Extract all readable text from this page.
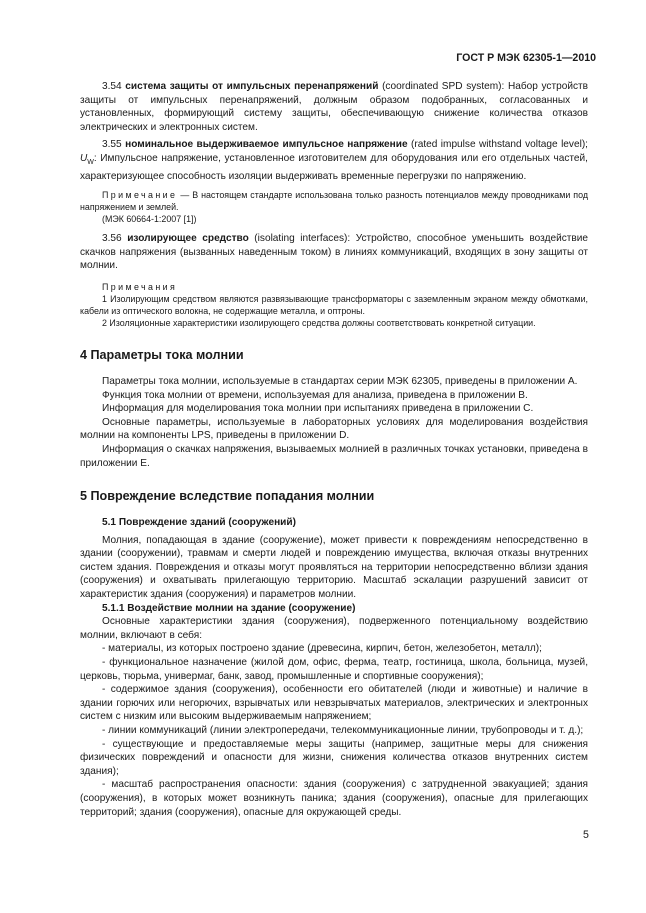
ГОСТ Р МЭК 62305-1—2010

3.54 система защиты от импульсных перенапряжений (coordinated SPD system): Набор устройств защиты от импульсных перенапряжений, должным образом подобранных, согласованных и установленных, формирующий систему защиты, обеспечивающую снижение количества отказов электрических и электронных систем.

3.55 номинальное выдерживаемое импульсное напряжение (rated impulse withstand voltage level); $U_W$: Импульсное напряжение, установленное изготовителем для оборудования или его отдельных частей, характеризующее способность изоляции выдерживать временные перегрузки по напряжению.

Примечание — В настоящем стандарте использована только разность потенциалов между проводниками под напряжением и землей.

(МЭК 60664-1:2007 [1])

3.56 изолирующее средство (isolating interfaces): Устройство, способное уменьшить воздействие скачков напряжения (вызванных наведенным током) в линиях коммуникаций, входящих в зону защиты от молнии.

Примечания

1 Изолирующим средством являются развязывающие трансформаторы с заземленным экраном между обмотками, кабели из оптического волокна, не содержащие металла, и оптроны.

2 Изоляционные характеристики изолирующего средства должны соответствовать конкретной ситуации.

4 Параметры тока молнии

Параметры тока молнии, используемые в стандартах серии МЭК 62305, приведены в приложении А.

Функция тока молнии от времени, используемая для анализа, приведена в приложении В.

Информация для моделирования тока молнии при испытаниях приведена в приложении С.

Основные параметры, используемые в лабораторных условиях для моделирования воздействия молнии на компоненты LPS, приведены в приложении D.

Информация о скачках напряжения, вызываемых молнией в различных точках установки, приведена в приложении Е.

5 Повреждение вследствие попадания молнии
5.1 Повреждение зданий (сооружений)

Молния, попадающая в здание (сооружение), может привести к повреждениям непосредственно в здании (сооружении), травмам и смерти людей и повреждению имущества, включая отказы внутренних систем здания. Повреждения и отказы могут проявляться на территории непосредственно вблизи здания (сооружения) и охватывать прилегающую территорию. Масштаб эскалации разрушений зависит от характеристик здания (сооружения) и параметров молнии.

5.1.1 Воздействие молнии на здание (сооружение)

Основные характеристики здания (сооружения), подверженного потенциальному воздействию молнии, включают в себя:

- материалы, из которых построено здание (древесина, кирпич, бетон, железобетон, металл);

- функциональное назначение (жилой дом, офис, ферма, театр, гостиница, школа, больница, музей, церковь, тюрьма, универмаг, банк, завод, промышленные и спортивные сооружения);

- содержимое здания (сооружения), особенности его обитателей (люди и животные) и наличие в здании горючих или негорючих, взрывчатых или невзрывчатых материалов, электрических и электронных систем с низким или высоким выдерживаемым напряжением;

- линии коммуникаций (линии электропередачи, телекоммуникационные линии, трубопроводы и т. д.);

- существующие и предоставляемые меры защиты (например, защитные меры для снижения физических повреждений и опасности для жизни, снижения количества отказов внутренних систем здания);

- масштаб распространения опасности: здания (сооружения) с затрудненной эвакуацией; здания (сооружения), в которых может возникнуть паника; здания (сооружения), опасные для прилегающих территорий; здания (сооружения), опасные для окружающей среды.

5
